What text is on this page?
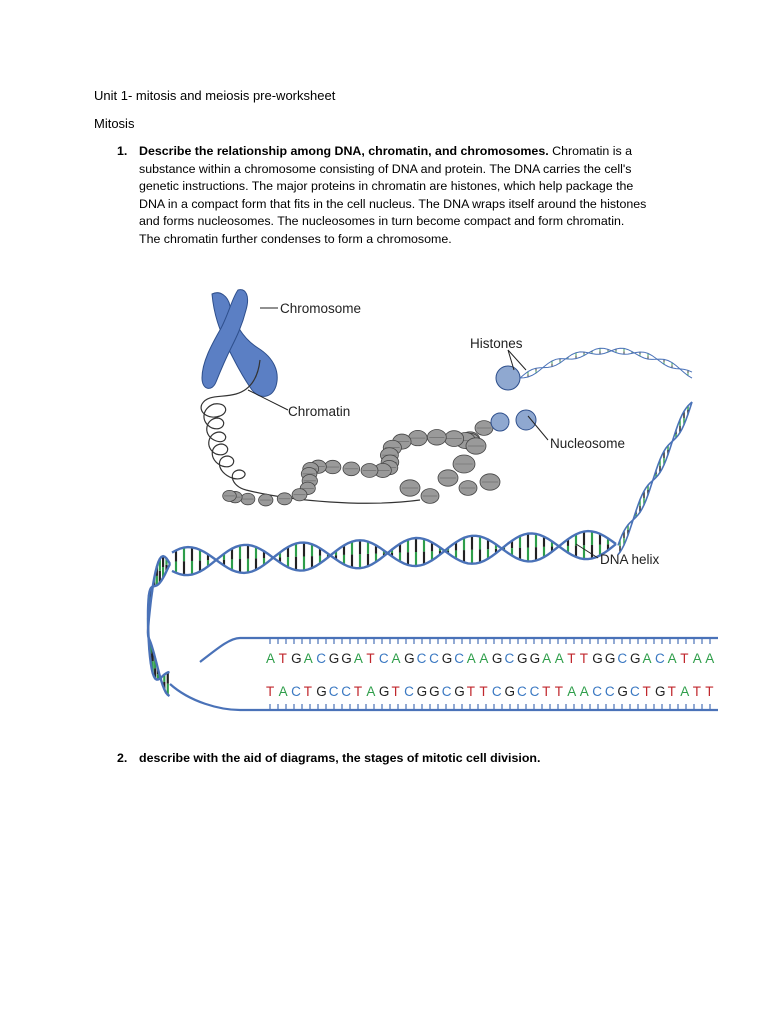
Unit 1- mitosis and meiosis pre-worksheet
Mitosis
1. Describe the relationship among DNA, chromatin, and chromosomes. Chromatin is a
substance within a chromosome consisting of DNA and protein. The DNA carries the cell's
genetic instructions. The major proteins in chromatin are histones, which help package the
DNA in a compact form that fits in the cell nucleus. The DNA wraps itself around the histones
and forms nucleosomes. The nucleosomes in turn become compact and form chromatin.
The chromatin further condenses to form a chromosome.
A T G A C G G A T C A G C C G C A A G C G G A A T T G G C G A C A T A A
T A C T G C C T A G T C G G C G T T C G C C T T A A C C G C T G T A T T
Chromosome
Chromatin
Histones
Nucleosome
DNA helix
2. describe with the aid of diagrams, the stages of mitotic cell division.
